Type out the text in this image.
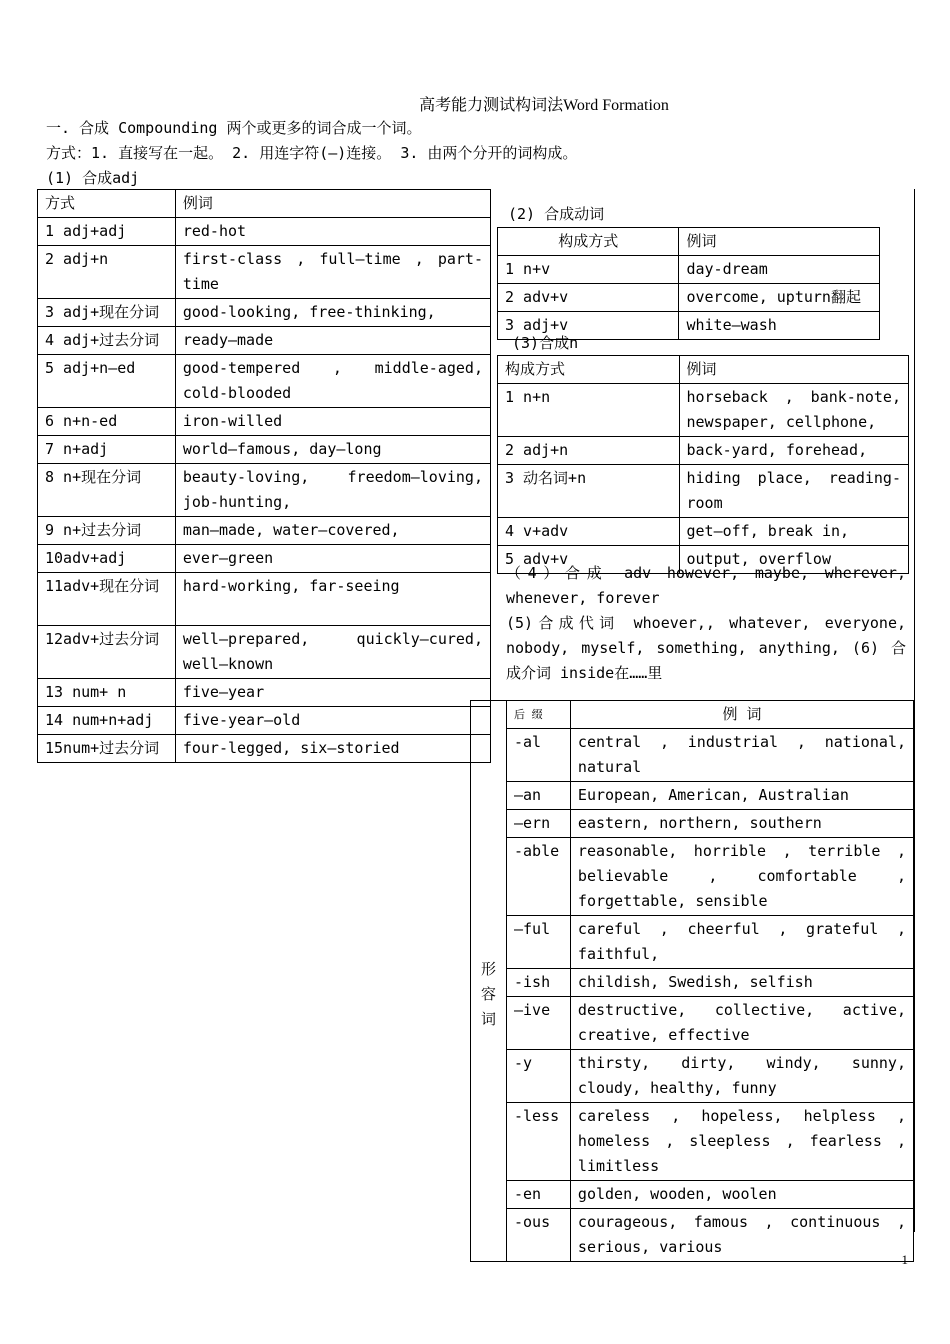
高考能力测试构词法Word Formation
一. 合成 Compounding 两个或更多的词合成一个词。
方式：1. 直接写在一起。 2. 用连字符(—)连接。 3. 由两个分开的词构成。
(1) 合成adj
方式	例词
1 adj+adj	red-hot
2 adj+n	first-class , full—time , part-time
3 adj+现在分词	good-looking, free-thinking,
4 adj+过去分词	ready—made
5 adj+n—ed	good-tempered , middle-aged, cold-blooded
6 n+n-ed	iron-willed
7 n+adj	world—famous, day—long
8 n+现在分词	beauty-loving, freedom—loving, job-hunting,
9 n+过去分词	man—made, water—covered,
10adv+adj	ever—green
11adv+现在分词	hard-working, far-seeing
12adv+过去分词	well—prepared, quickly—cured, well—known
13 num+ n	five—year
14 num+n+adj	five-year—old
15num+过去分词	four-legged, six—storied
(2) 合成动词
构成方式	例词
1 n+v	day-dream
2 adv+v	overcome, upturn翻起
3 adj+v	white—wash
(3)合成n
构成方式	例词
1 n+n	horseback , bank-note, newspaper, cellphone,
2 adj+n	back-yard, forehead,
3 动名词+n	hiding place, reading-room
4 v+adv	get—off, break in,
5 adv+v	output, overflow
（4）合成 adv however, maybe, wherever, whenever, forever
(5)合成代词 whoever,, whatever, everyone, nobody, myself, something, anything, (6) 合成介词 inside在……里
	后 缀	例 词
形容词	-al	central , industrial , national, natural
	—an	European, American, Australian
	—ern	eastern, northern, southern
	-able	reasonable, horrible , terrible , believable , comfortable , forgettable, sensible
	—ful	careful , cheerful , grateful , faithful,
	-ish	childish, Swedish, selfish
	—ive	destructive, collective, active, creative, effective
	-y	thirsty, dirty, windy, sunny, cloudy, healthy, funny
	-less	careless , hopeless, helpless , homeless , sleepless , fearless , limitless
	-en	golden, wooden, woolen
	-ous	courageous, famous , continuous , serious, various
1
